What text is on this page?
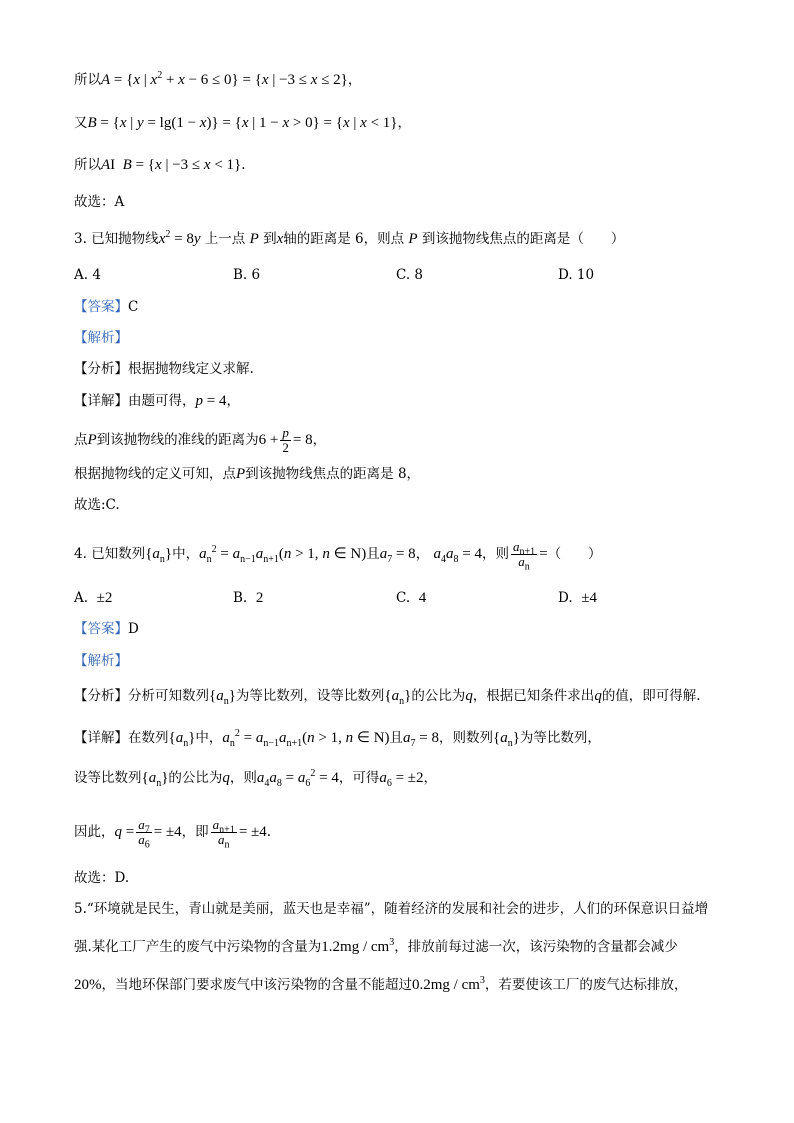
所以A = {x | $x^2 + x - 6 \le 0\} = \{x$ | −3 ≤ x ≤ 2}，
又B = {x | y = lg(1 − x)} = {x | 1 − x > 0} = {x | x < 1}，
所以AI  B = {x | −3 ≤ x < 1}.
故选：A
3. 已知抛物线$x^2 = 8y$ 上一点 P 到x轴的距离是 6，则点 P 到该抛物线焦点的距离是（　　）
A. 4	B. 6	C. 8	D. 10
【答案】C
【解析】
【分析】根据抛物线定义求解.
【详解】由题可得，p = 4，
点P到该抛物线的准线的距离为$6 + \frac{p}{2} = 8$，
根据抛物线的定义可知，点P到该抛物线焦点的距离是 8，
故选:C.
4. 已知数列$\{a_n\}$中，$a_n^2 = a_{n-1}a_{n+1}(n > 1$, n ∈ N)且$a_7 = 8$， $a_4a_8 = 4$，则 $\frac{a_{n+1}}{a_n}$ =（　　）
A. ±2	B. 2	C. 4	D. ±4
【答案】D
【解析】
【分析】分析可知数列$\{a_n\}$为等比数列，设等比数列$\{a_n\}$的公比为q，根据已知条件求出q的值，即可得解.
【详解】在数列$\{a_n\}$中，$a_n^2 = a_{n-1}a_{n+1}(n > 1$, n ∈ N)且$a_7 = 8$，则数列$\{a_n\}$为等比数列，
设等比数列$\{a_n\}$的公比为q，则$a_4a_8 = a_6^2 = 4$，可得$a_6 = \pm 2$，
因此，$q = \frac{a_7}{a_6} = \pm 4$，即 $\frac{a_{n+1}}{a_n} = \pm 4$.
故选：D.
5.“环境就是民生，青山就是美丽，蓝天也是幸福”，随着经济的发展和社会的进步，人们的环保意识日益增
强.某化工厂产生的废气中污染物的含量为$1.2mg / cm^3$，排放前每过滤一次，该污染物的含量都会减少
20%，当地环保部门要求废气中该污染物的含量不能超过$0.2mg / cm^3$，若要使该工厂的废气达标排放，
